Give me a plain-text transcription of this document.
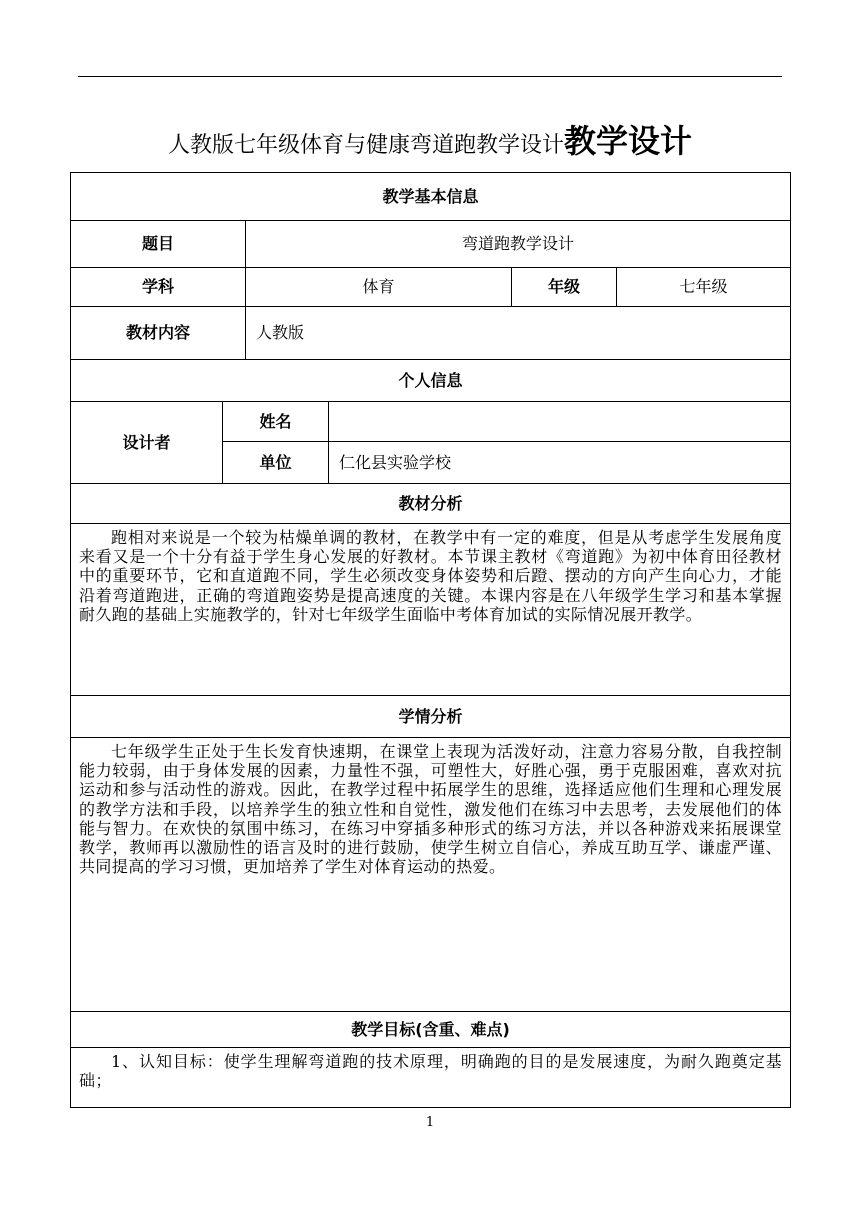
人教版七年级体育与健康弯道跑教学设计教学设计
教学基本信息					
题目		弯道跑教学设计			
学科		体育		年级	七年级
教材内容		人教版			
个人信息					
设计者	姓名				
	单位		仁化县实验学校		
教材分析					
跑相对来说是一个较为枯燥单调的教材，在教学中有一定的难度，但是从考虑学生发展角度来看又是一个十分有益于学生身心发展的好教材。本节课主教材《弯道跑》为初中体育田径教材中的重要环节，它和直道跑不同，学生必须改变身体姿势和后蹬、摆动的方向产生向心力，才能沿着弯道跑进，正确的弯道跑姿势是提高速度的关键。本课内容是在八年级学生学习和基本掌握耐久跑的基础上实施教学的，针对七年级学生面临中考体育加试的实际情况展开教学。					
学情分析					
七年级学生正处于生长发育快速期，在课堂上表现为活泼好动，注意力容易分散，自我控制能力较弱，由于身体发展的因素，力量性不强，可塑性大，好胜心强，勇于克服困难，喜欢对抗运动和参与活动性的游戏。因此，在教学过程中拓展学生的思维，选择适应他们生理和心理发展的教学方法和手段，以培养学生的独立性和自觉性，激发他们在练习中去思考，去发展他们的体能与智力。在欢快的氛围中练习，在练习中穿插多种形式的练习方法，并以各种游戏来拓展课堂教学，教师再以激励性的语言及时的进行鼓励，使学生树立自信心，养成互助互学、谦虚严谨、共同提高的学习习惯，更加培养了学生对体育运动的热爱。					
教学目标(含重、难点)					
1、认知目标：使学生理解弯道跑的技术原理，明确跑的目的是发展速度，为耐久跑奠定基础；					
1
